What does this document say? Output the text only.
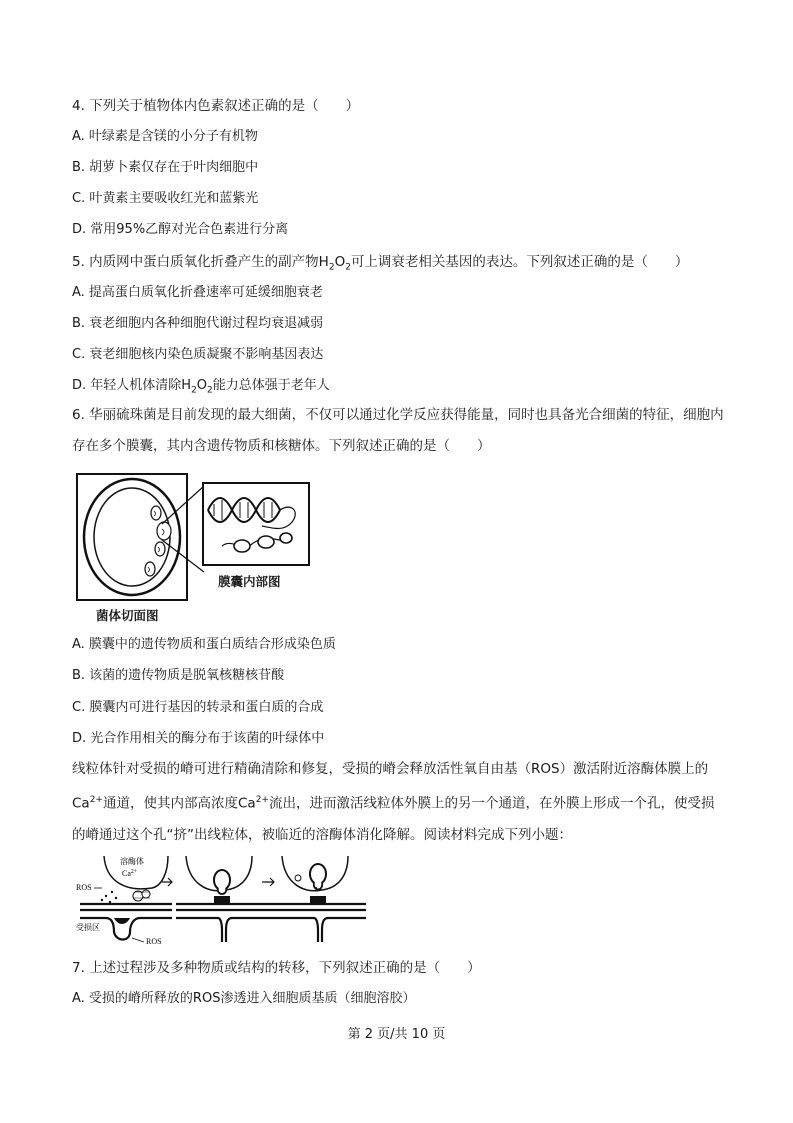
4. 下列关于植物体内色素叙述正确的是（　　）
A. 叶绿素是含镁的小分子有机物
B. 胡萝卜素仅存在于叶肉细胞中
C. 叶黄素主要吸收红光和蓝紫光
D. 常用95%乙醇对光合色素进行分离
5. 内质网中蛋白质氧化折叠产生的副产物$H_2O_2$可上调衰老相关基因的表达。下列叙述正确的是（　　）
A. 提高蛋白质氧化折叠速率可延缓细胞衰老
B. 衰老细胞内各种细胞代谢过程均衰退减弱
C. 衰老细胞核内染色质凝聚不影响基因表达
D. 年轻人机体清除$H_2O_2$能力总体强于老年人
6. 华丽硫珠菌是目前发现的最大细菌，不仅可以通过化学反应获得能量，同时也具备光合细菌的特征，细胞内存在多个膜囊，其内含遗传物质和核糖体。下列叙述正确的是（　　）
膜囊内部图
菌体切面图
A. 膜囊中的遗传物质和蛋白质结合形成染色质
B. 该菌的遗传物质是脱氧核糖核苷酸
C. 膜囊内可进行基因的转录和蛋白质的合成
D. 光合作用相关的酶分布于该菌的叶绿体中
线粒体针对受损的嵴可进行精确清除和修复，受损的嵴会释放活性氧自由基（ROS）激活附近溶酶体膜上的$Ca^{2+}$通道，使其内部高浓度$Ca^{2+}$流出，进而激活线粒体外膜上的另一个通道，在外膜上形成一个孔，使受损的嵴通过这个孔“挤”出线粒体，被临近的溶酶体消化降解。阅读材料完成下列小题：
溶酶体
$Ca^{2+}$
ROS
受损区
ROS
7. 上述过程涉及多种物质或结构的转移，下列叙述正确的是（　　）
A. 受损的嵴所释放的ROS渗透进入细胞质基质（细胞溶胶）
第 2 页/共 10 页
